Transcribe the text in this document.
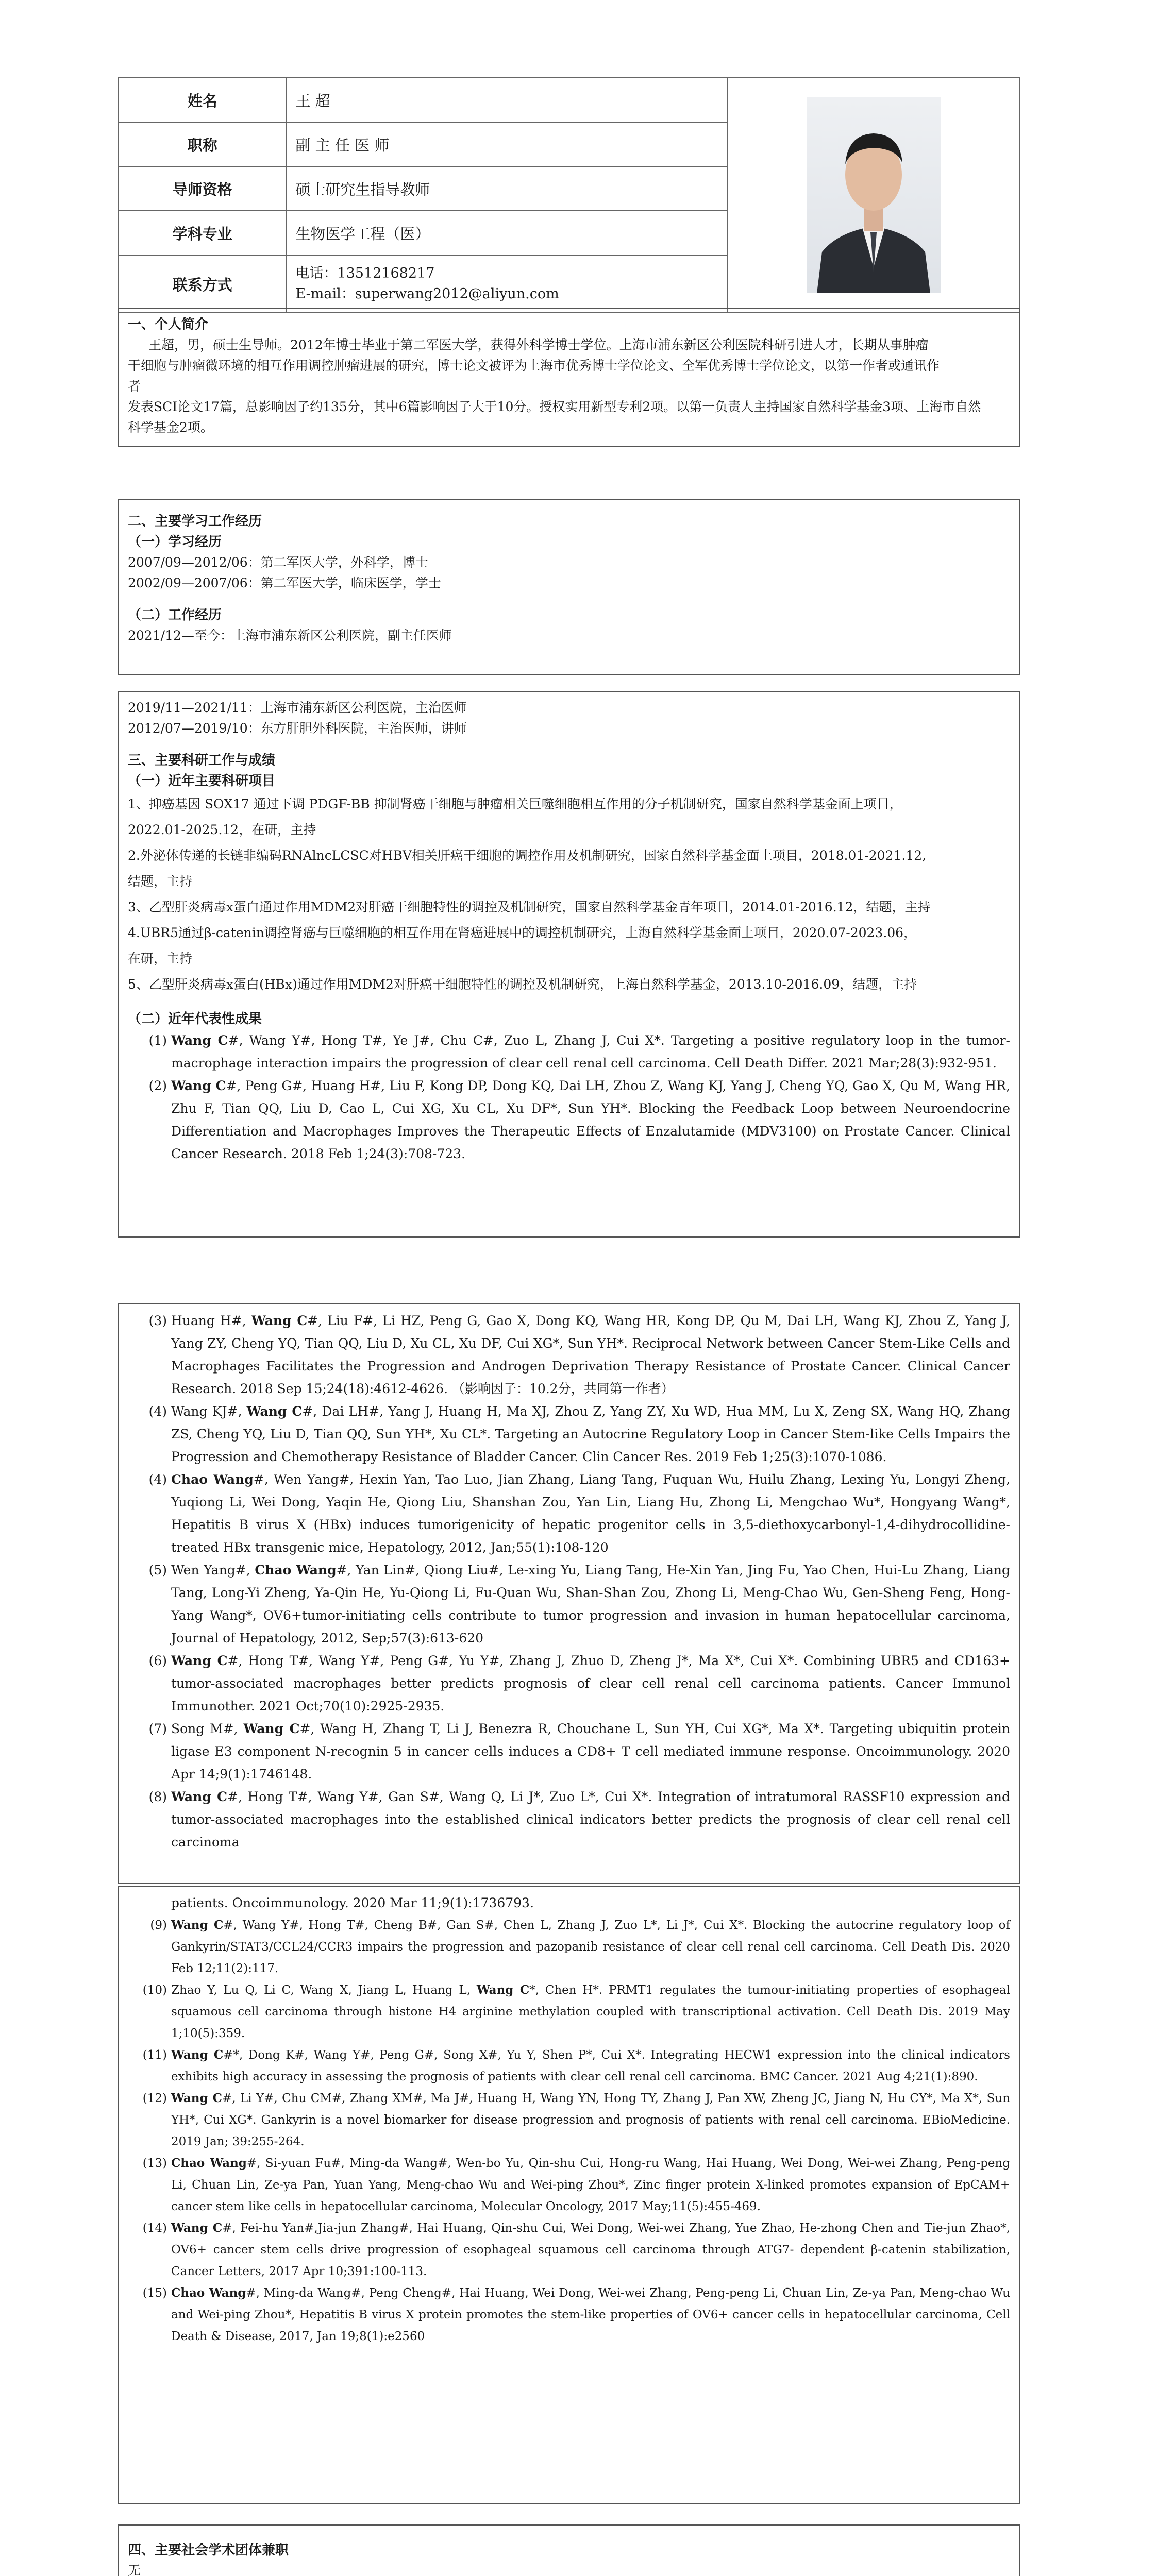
姓名	王 超	

职称	副 主 任 医 师	
导师资格	硕士研究生指导教师	
学科专业	生物医学工程（医）	
联系方式	电话：13512168217
E-mail：superwang2012@aliyun.com	

一、个人简介

王超，男，硕士生导师。2012年博士毕业于第二军医大学，获得外科学博士学位。上海市浦东新区公利医院科研引进人才，长期从事肿瘤

干细胞与肿瘤微环境的相互作用调控肿瘤进展的研究，博士论文被评为上海市优秀博士学位论文、全军优秀博士学位论文，以第一作者或通讯作

者

发表SCI论文17篇，总影响因子约135分，其中6篇影响因子大于10分。授权实用新型专利2项。以第一负责人主持国家自然科学基金3项、上海市自然

科学基金2项。

二、主要学习工作经历

（一）学习经历

2007/09—2012/06：第二军医大学，外科学，博士

2002/09—2007/06：第二军医大学，临床医学，学士

（二）工作经历

2021/12—至今：上海市浦东新区公利医院，副主任医师

2019/11—2021/11：上海市浦东新区公利医院，主治医师

2012/07—2019/10：东方肝胆外科医院，主治医师，讲师

三、主要科研工作与成绩

（一）近年主要科研项目

1、抑癌基因 SOX17 通过下调 PDGF-BB 抑制肾癌干细胞与肿瘤相关巨噬细胞相互作用的分子机制研究，国家自然科学基金面上项目，

2022.01-2025.12，在研，主持

2.外泌体传递的长链非编码RNAlncLCSC对HBV相关肝癌干细胞的调控作用及机制研究，国家自然科学基金面上项目，2018.01-2021.12,

结题，主持

3、乙型肝炎病毒x蛋白通过作用MDM2对肝癌干细胞特性的调控及机制研究，国家自然科学基金青年项目，2014.01-2016.12，结题，主持

4.UBR5通过β-catenin调控肾癌与巨噬细胞的相互作用在肾癌进展中的调控机制研究，上海自然科学基金面上项目，2020.07-2023.06，

在研，主持

5、乙型肝炎病毒x蛋白(HBx)通过作用MDM2对肝癌干细胞特性的调控及机制研究，上海自然科学基金，2013.10-2016.09，结题，主持

（二）近年代表性成果

(1) Wang C#, Wang Y#, Hong T#, Ye J#, Chu C#, Zuo L, Zhang J, Cui X*. Targeting a positive regulatory loop in the tumor-macrophage interaction impairs the progression of clear cell renal cell carcinoma. Cell Death Differ. 2021 Mar;28(3):932-951.
(2) Wang C#, Peng G#, Huang H#, Liu F, Kong DP, Dong KQ, Dai LH, Zhou Z, Wang KJ, Yang J, Cheng YQ, Gao X, Qu M, Wang HR, Zhu F, Tian QQ, Liu D, Cao L, Cui XG, Xu CL, Xu DF*, Sun YH*. Blocking the Feedback Loop between Neuroendocrine Differentiation and Macrophages Improves the Therapeutic Effects of Enzalutamide (MDV3100) on Prostate Cancer. Clinical Cancer Research. 2018 Feb 1;24(3):708-723.
(3) Huang H#, Wang C#, Liu F#, Li HZ, Peng G, Gao X, Dong KQ, Wang HR, Kong DP, Qu M, Dai LH, Wang KJ, Zhou Z, Yang J, Yang ZY, Cheng YQ, Tian QQ, Liu D, Xu CL, Xu DF, Cui XG*, Sun YH*. Reciprocal Network between Cancer Stem-Like Cells and Macrophages Facilitates the Progression and Androgen Deprivation Therapy Resistance of Prostate Cancer. Clinical Cancer Research. 2018 Sep 15;24(18):4612-4626. （影响因子：10.2分，共同第一作者）
(4) Wang KJ#, Wang C#, Dai LH#, Yang J, Huang H, Ma XJ, Zhou Z, Yang ZY, Xu WD, Hua MM, Lu X, Zeng SX, Wang HQ, Zhang ZS, Cheng YQ, Liu D, Tian QQ, Sun YH*, Xu CL*. Targeting an Autocrine Regulatory Loop in Cancer Stem-like Cells Impairs the Progression and Chemotherapy Resistance of Bladder Cancer. Clin Cancer Res. 2019 Feb 1;25(3):1070-1086.
(4) Chao Wang#, Wen Yang#, Hexin Yan, Tao Luo, Jian Zhang, Liang Tang, Fuquan Wu, Huilu Zhang, Lexing Yu, Longyi Zheng, Yuqiong Li, Wei Dong, Yaqin He, Qiong Liu, Shanshan Zou, Yan Lin, Liang Hu, Zhong Li, Mengchao Wu*, Hongyang Wang*, Hepatitis B virus X (HBx) induces tumorigenicity of hepatic progenitor cells in 3,5-diethoxycarbonyl-1,4-dihydrocollidine-treated HBx transgenic mice, Hepatology, 2012, Jan;55(1):108-120
(5) Wen Yang#, Chao Wang#, Yan Lin#, Qiong Liu#, Le-xing Yu, Liang Tang, He-Xin Yan, Jing Fu, Yao Chen, Hui-Lu Zhang, Liang Tang, Long-Yi Zheng, Ya-Qin He, Yu-Qiong Li, Fu-Quan Wu, Shan-Shan Zou, Zhong Li, Meng-Chao Wu, Gen-Sheng Feng, Hong-Yang Wang*, OV6+tumor-initiating cells contribute to tumor progression and invasion in human hepatocellular carcinoma, Journal of Hepatology, 2012, Sep;57(3):613-620
(6) Wang C#, Hong T#, Wang Y#, Peng G#, Yu Y#, Zhang J, Zhuo D, Zheng J*, Ma X*, Cui X*. Combining UBR5 and CD163+ tumor-associated macrophages better predicts prognosis of clear cell renal cell carcinoma patients. Cancer Immunol Immunother. 2021 Oct;70(10):2925-2935.
(7) Song M#, Wang C#, Wang H, Zhang T, Li J, Benezra R, Chouchane L, Sun YH, Cui XG*, Ma X*. Targeting ubiquitin protein ligase E3 component N-recognin 5 in cancer cells induces a CD8+ T cell mediated immune response. Oncoimmunology. 2020 Apr 14;9(1):1746148.
(8) Wang C#, Hong T#, Wang Y#, Gan S#, Wang Q, Li J*, Zuo L*, Cui X*. Integration of intratumoral RASSF10 expression and tumor-associated macrophages into the established clinical indicators better predicts the prognosis of clear cell renal cell carcinoma

patients. Oncoimmunology. 2020 Mar 11;9(1):1736793.

(9) Wang C#, Wang Y#, Hong T#, Cheng B#, Gan S#, Chen L, Zhang J, Zuo L*, Li J*, Cui X*. Blocking the autocrine regulatory loop of Gankyrin/STAT3/CCL24/CCR3 impairs the progression and pazopanib resistance of clear cell renal cell carcinoma. Cell Death Dis. 2020 Feb 12;11(2):117.
(10) Zhao Y, Lu Q, Li C, Wang X, Jiang L, Huang L, Wang C*, Chen H*. PRMT1 regulates the tumour-initiating properties of esophageal squamous cell carcinoma through histone H4 arginine methylation coupled with transcriptional activation. Cell Death Dis. 2019 May 1;10(5):359.
(11) Wang C#*, Dong K#, Wang Y#, Peng G#, Song X#, Yu Y, Shen P*, Cui X*. Integrating HECW1 expression into the clinical indicators exhibits high accuracy in assessing the prognosis of patients with clear cell renal cell carcinoma. BMC Cancer. 2021 Aug 4;21(1):890.
(12) Wang C#, Li Y#, Chu CM#, Zhang XM#, Ma J#, Huang H, Wang YN, Hong TY, Zhang J, Pan XW, Zheng JC, Jiang N, Hu CY*, Ma X*, Sun YH*, Cui XG*. Gankyrin is a novel biomarker for disease progression and prognosis of patients with renal cell carcinoma. EBioMedicine. 2019 Jan; 39:255-264.
(13) Chao Wang#, Si-yuan Fu#, Ming-da Wang#, Wen-bo Yu, Qin-shu Cui, Hong-ru Wang, Hai Huang, Wei Dong, Wei-wei Zhang, Peng-peng Li, Chuan Lin, Ze-ya Pan, Yuan Yang, Meng-chao Wu and Wei-ping Zhou*, Zinc finger protein X-linked promotes expansion of EpCAM+ cancer stem like cells in hepatocellular carcinoma, Molecular Oncology, 2017 May;11(5):455-469.
(14) Wang C#, Fei-hu Yan#,Jia-jun Zhang#, Hai Huang, Qin-shu Cui, Wei Dong, Wei-wei Zhang, Yue Zhao, He-zhong Chen and Tie-jun Zhao*, OV6+ cancer stem cells drive progression of esophageal squamous cell carcinoma through ATG7- dependent β-catenin stabilization, Cancer Letters, 2017 Apr 10;391:100-113.
(15) Chao Wang#, Ming-da Wang#, Peng Cheng#, Hai Huang, Wei Dong, Wei-wei Zhang, Peng-peng Li, Chuan Lin, Ze-ya Pan, Meng-chao Wu and Wei-ping Zhou*, Hepatitis B virus X protein promotes the stem-like properties of OV6+ cancer cells in hepatocellular carcinoma, Cell Death & Disease, 2017, Jan 19;8(1):e2560

四、主要社会学术团体兼职

无
